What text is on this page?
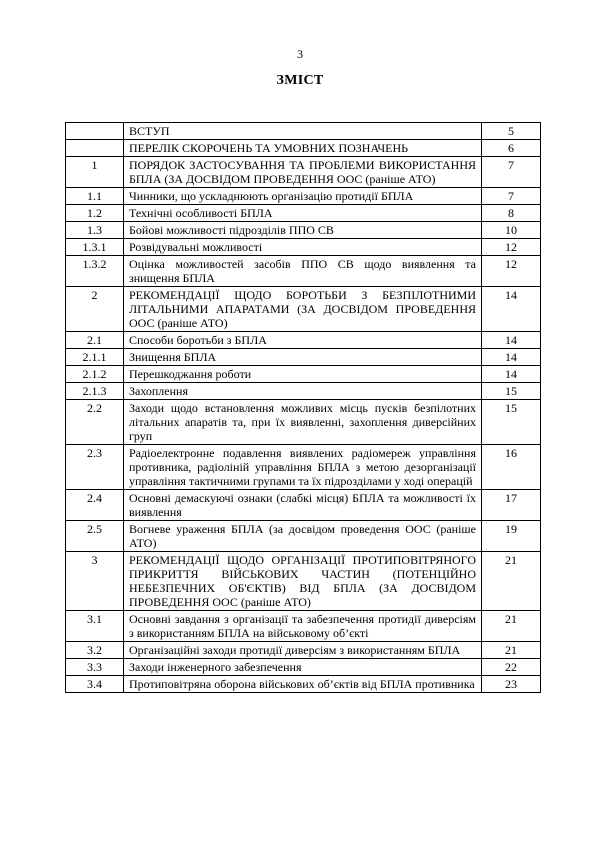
3
ЗМІСТ
	ВСТУП	5
	ПЕРЕЛІК СКОРОЧЕНЬ ТА УМОВНИХ ПОЗНАЧЕНЬ	6
1	ПОРЯДОК ЗАСТОСУВАННЯ ТА ПРОБЛЕМИ ВИКОРИСТАННЯ БПЛА (ЗА ДОСВІДОМ ПРОВЕДЕННЯ ООС (раніше АТО)	7
1.1	Чинники, що ускладнюють організацію протидії БПЛА	7
1.2	Технічні особливості БПЛА	8
1.3	Бойові можливості підрозділів ППО СВ	10
1.3.1	Розвідувальні можливості	12
1.3.2	Оцінка можливостей засобів ППО СВ щодо виявлення та знищення БПЛА	12
2	РЕКОМЕНДАЦІЇ ЩОДО БОРОТЬБИ З БЕЗПІЛОТНИМИ ЛІТАЛЬНИМИ АПАРАТАМИ (ЗА ДОСВІДОМ ПРОВЕДЕННЯ ООС (раніше АТО)	14
2.1	Способи боротьби з БПЛА	14
2.1.1	Знищення БПЛА	14
2.1.2	Перешкоджання роботи	14
2.1.3	Захоплення	15
2.2	Заходи щодо встановлення можливих місць пусків безпілотних літальних апаратів та, при їх виявленні, захоплення диверсійних груп	15
2.3	Радіоелектронне подавлення виявлених радіомереж управління противника, радіоліній управління БПЛА з метою дезорганізації управління тактичними групами та їх підрозділами у ході операцій	16
2.4	Основні демаскуючі ознаки (слабкі місця) БПЛА та можливості їх виявлення	17
2.5	Вогневе ураження БПЛА (за досвідом проведення ООС (раніше АТО)	19
3	РЕКОМЕНДАЦІЇ ЩОДО ОРГАНІЗАЦІЇ ПРОТИПОВІТРЯНОГО ПРИКРИТТЯ ВІЙСЬКОВИХ ЧАСТИН (ПОТЕНЦІЙНО НЕБЕЗПЕЧНИХ ОБ'ЄКТІВ) ВІД БПЛА (ЗА ДОСВІДОМ ПРОВЕДЕННЯ ООС (раніше АТО)	21
3.1	Основні завдання з організації та забезпечення протидії диверсіям з використанням БПЛА на військовому об’єкті	21
3.2	Організаційні заходи протидії диверсіям з використанням БПЛА	21
3.3	Заходи інженерного забезпечення	22
3.4	Протиповітряна оборона військових об’єктів від БПЛА противника	23
